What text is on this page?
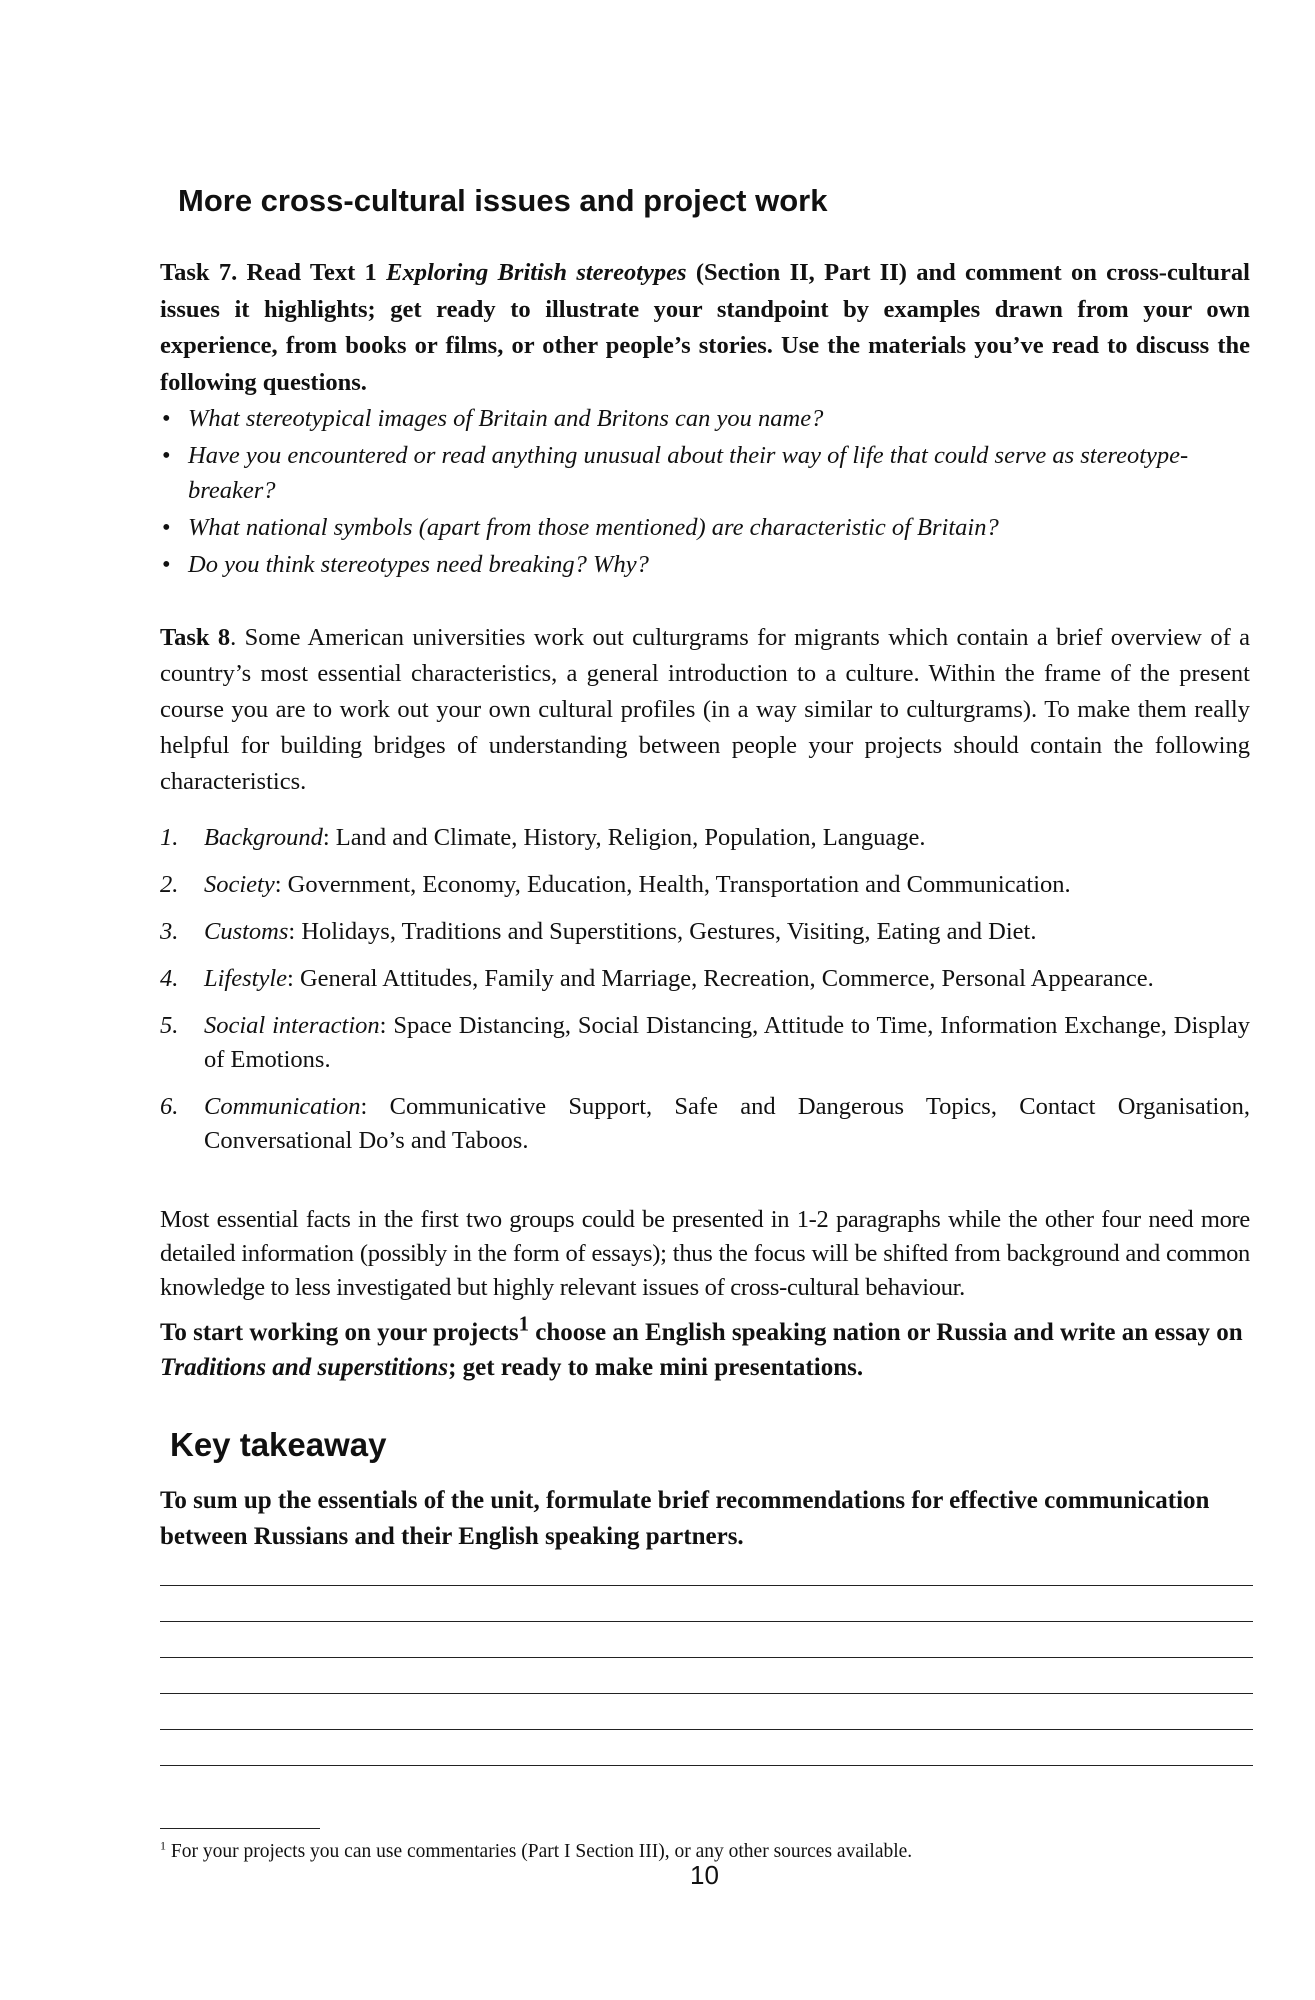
More cross-cultural issues and project work
Task 7. Read Text 1 Exploring British stereotypes (Section II, Part II) and comment on cross-cultural issues it highlights; get ready to illustrate your standpoint by examples drawn from your own experience, from books or films, or other people’s stories. Use the materials you’ve read to discuss the following questions.
• What stereotypical images of Britain and Britons can you name?
• Have you encountered or read anything unusual about their way of life that could serve as stereotype-breaker?
• What national symbols (apart from those mentioned) are characteristic of Britain?
• Do you think stereotypes need breaking? Why?
Task 8. Some American universities work out culturgrams for migrants which contain a brief overview of a country’s most essential characteristics, a general introduction to a culture. Within the frame of the present course you are to work out your own cultural profiles (in a way similar to culturgrams). To make them really helpful for building bridges of understanding between people your projects should contain the following characteristics.
1. Background: Land and Climate, History, Religion, Population, Language.
2. Society: Government, Economy, Education, Health, Transportation and Communication.
3. Customs: Holidays, Traditions and Superstitions, Gestures, Visiting, Eating and Diet.
4. Lifestyle: General Attitudes, Family and Marriage, Recreation, Commerce, Personal Appearance.
5. Social interaction: Space Distancing, Social Distancing, Attitude to Time, Information Exchange, Display of Emotions.
6. Communication: Communicative Support, Safe and Dangerous Topics, Contact Organisation, Conversational Do’s and Taboos.
Most essential facts in the first two groups could be presented in 1-2 paragraphs while the other four need more detailed information (possibly in the form of essays); thus the focus will be shifted from background and common knowledge to less investigated but highly relevant issues of cross-cultural behaviour.
To start working on your projects$^1$ choose an English speaking nation or Russia and write an essay on Traditions and superstitions; get ready to make mini presentations.
Key takeaway
To sum up the essentials of the unit, formulate brief recommendations for effective communication between Russians and their English speaking partners.
$^1$ For your projects you can use commentaries (Part I Section III), or any other sources available.
10
